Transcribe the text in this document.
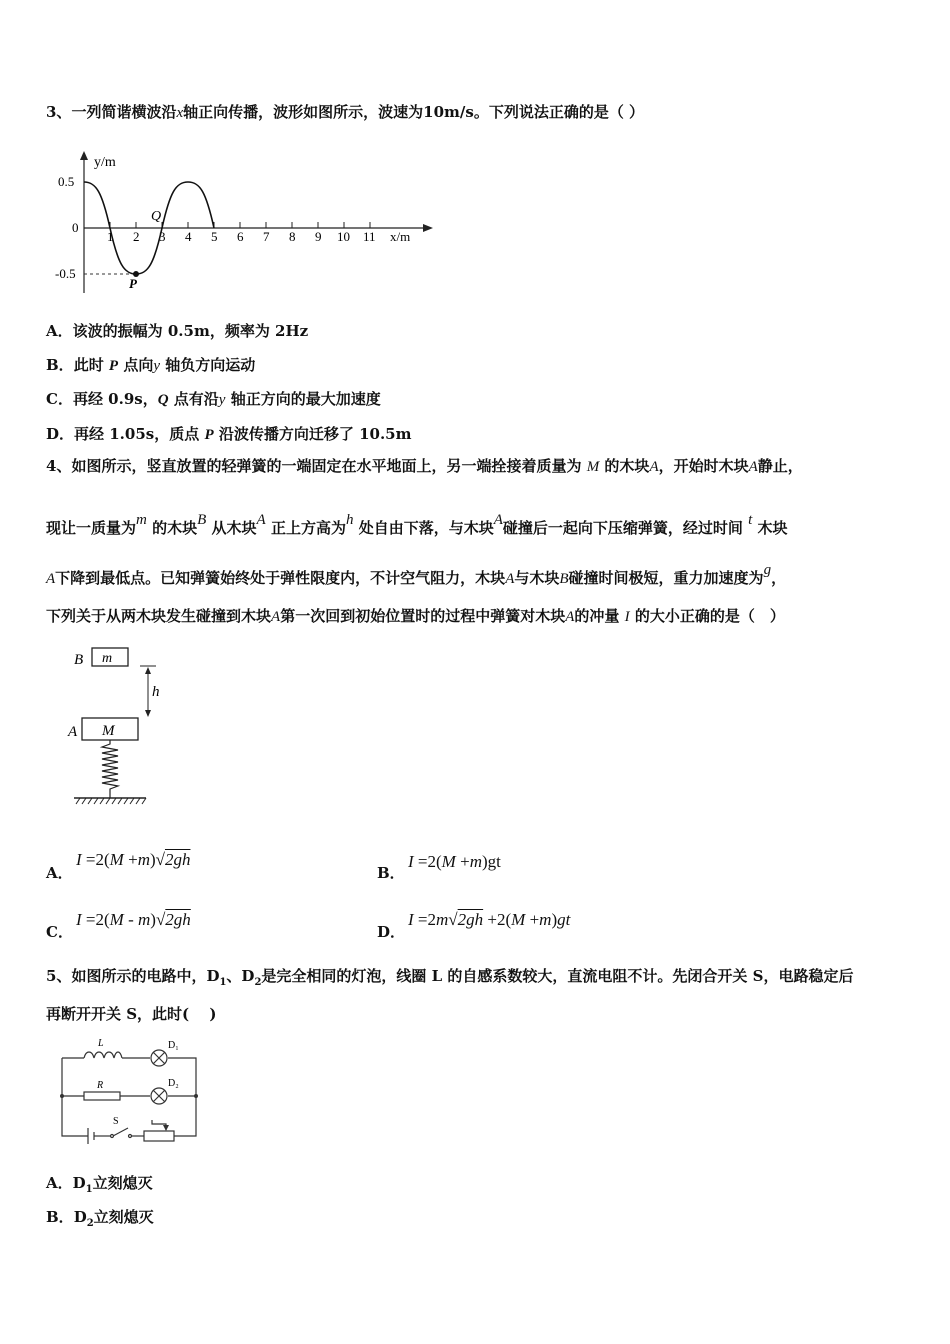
3、一列简谐横波沿x轴正向传播，波形如图所示，波速为10m/s。下列说法正确的是（ ）
0.5
0
-0.5
y/m
x/m
1 2 3 4 5 6 7 8 9 10 11
P
Q
A．该波的振幅为 0.5m，频率为 2Hz
B．此时 P 点向y 轴负方向运动
C．再经 0.9s，Q 点有沿y 轴正方向的最大加速度
D．再经 1.05s，质点 P 沿波传播方向迁移了 10.5m
4、如图所示，竖直放置的轻弹簧的一端固定在水平地面上，另一端拴接着质量为 M 的木块A，开始时木块A静止，
现让一质量为m 的木块B 从木块A 正上方高为h 处自由下落，与木块A碰撞后一起向下压缩弹簧，经过时间 t 木块
A下降到最低点。已知弹簧始终处于弹性限度内，不计空气阻力，木块A与木块B碰撞时间极短，重力加速度为g，
下列关于从两木块发生碰撞到木块A第一次回到初始位置时的过程中弹簧对木块A的冲量 I 的大小正确的是（　）
B m
h
A M
A．
I =2(M +m)√2gh
B．
I =2(M +m)gt
C．
I =2(M - m)√2gh
D．
I =2m√2gh +2(M +m)gt
5、如图所示的电路中，$D_1$、$D_2$是完全相同的灯泡，线圈 L 的自感系数较大，直流电阻不计。先闭合开关 S，电路稳定后
再断开开关 S，此时(　 )
L
R
S
D₁
D₂
A．$D_1$立刻熄灭
B．$D_2$立刻熄灭
